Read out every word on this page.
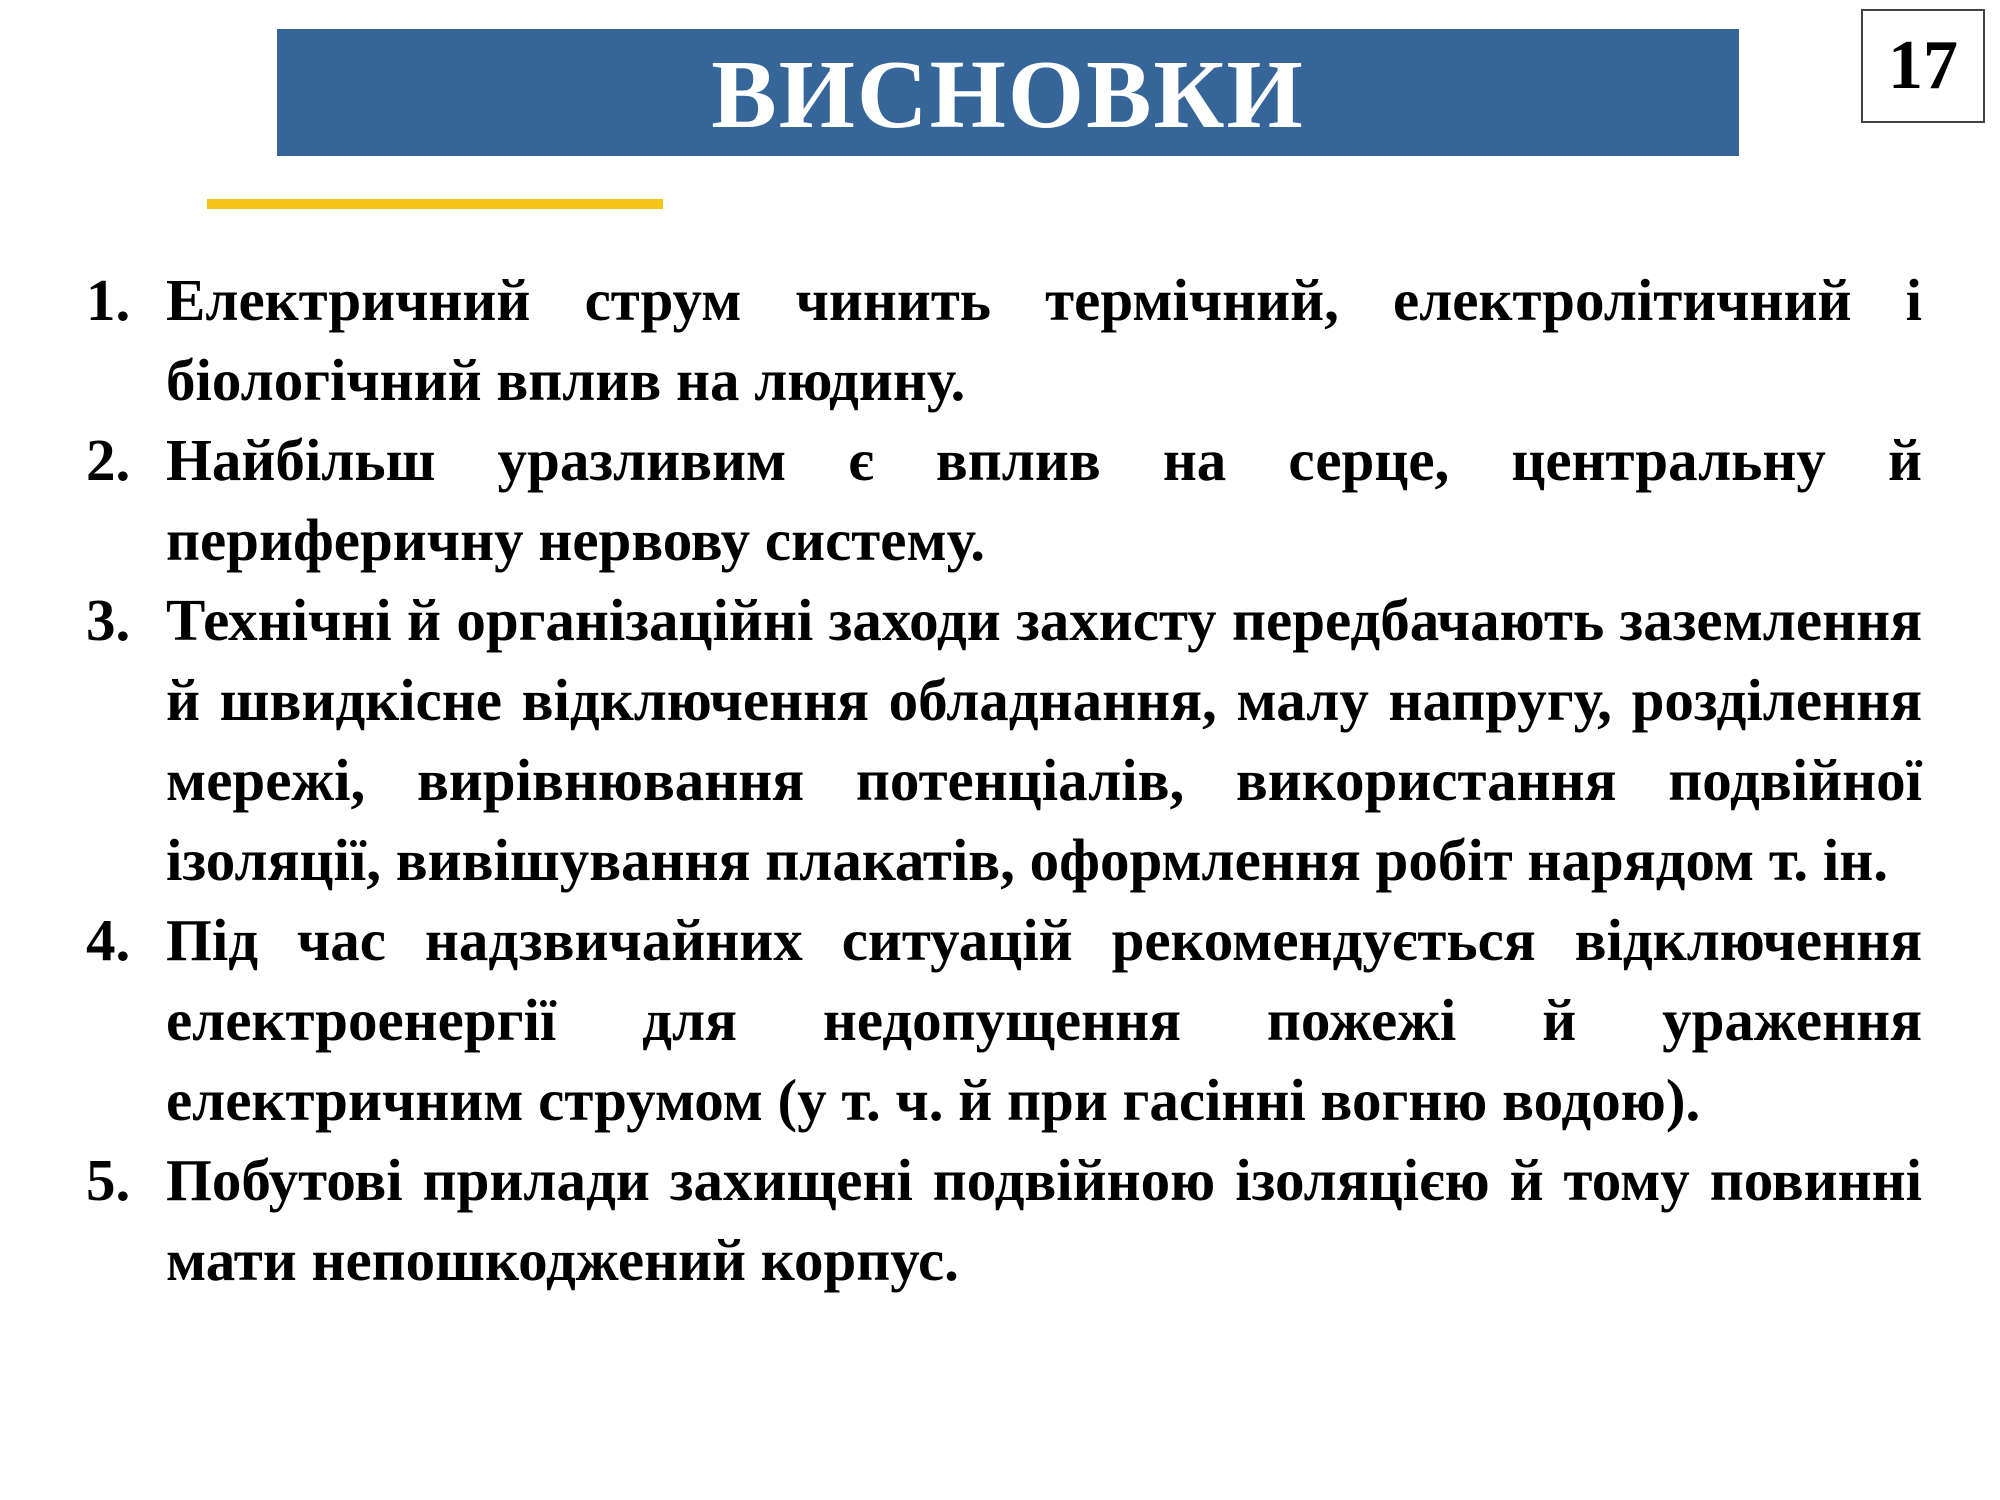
ВИСНОВКИ	17
1. Електричний струм чинить термічний, електролітичний і біологічний вплив на людину.
2. Найбільш уразливим є вплив на серце, центральну й периферичну нервову систему.
3. Технічні й організаційні заходи захисту передбачають заземлення й швидкісне відключення обладнання, малу напругу, розділення мережі, вирівнювання потенціалів, використання подвійної ізоляції, вивішування плакатів, оформлення робіт нарядом т. ін.
4. Під час надзвичайних ситуацій рекомендується відключення електроенергії для недопущення пожежі й ураження електричним струмом (у т. ч. й при гасінні вогню водою).
5. Побутові прилади захищені подвійною ізоляцією й тому повинні мати непошкоджений корпус.
